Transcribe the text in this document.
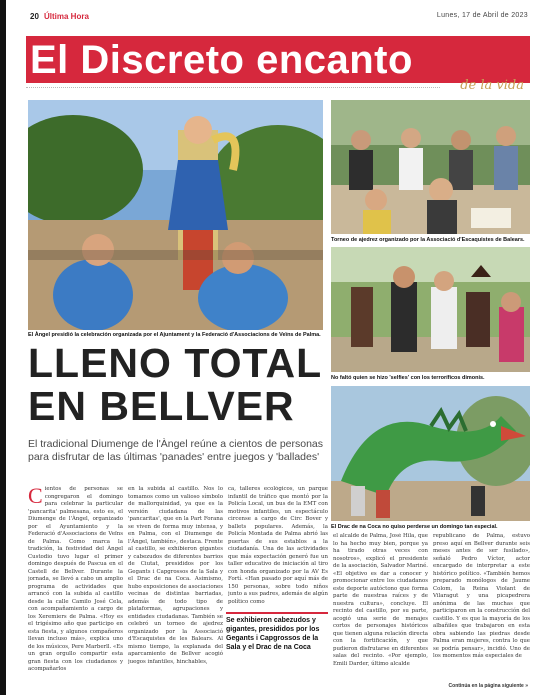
20 Última Hora	Lunes, 17 de Abril de 2023
El Discreto encanto
de la vida
El Àngel presidió la celebración organizada por el Ajuntament y la Federació d'Associacions de Veïns de Palma.
Torneo de ajedrez organizado por la Associació d'Escaquistes de Balears.
No faltó quien se hizo 'selfies' con los terroríficos dimonis.
El Drac de na Coca no quiso perderse un domingo tan especial.
LLENO TOTAL EN BELLVER

El tradicional Diumenge de l'Àngel reúne a cientos de personas para disfrutar de las últimas 'panades' entre juegos y 'ballades'

C ientos de personas se congregaron el domingo para celebrar la particular 'pancarita' palmesana, esto es, el Diumenge de l'Àngel, organizado por el Ayuntamiento y la Federació d'Associacions de Veïns de Palma. Como marca la tradición, la festividad del Àngel Custodio tuvo lugar el primer domingo después de Pascua en el Castell de Bellver. Durante la jornada, se llevó a cabo un amplio programa de actividades que arrancó con la subida al castillo desde la calle Camilo José Cela, con acompañamiento a cargo de los Xeremiers de Palma. «Hoy es el trigésimo año que participo en esta fiesta, y algunos compañeros llevan incluso más», explica uno de los músicos, Pere Marberll. «Es un gran orgullo compartir esta gran fiesta con los ciudadanos y acompañarlos
en la subida al castillo. Nos lo tomamos como un valioso símbolo de mallorquinidad, ya que es la versión ciudadana de las 'pancaritas', que en la Part Forana se viven de forma muy intensa, y en Palma, con el Diumenge de l'Àngel, también», destaca. Frente al castillo, se exhibieron gigantes y cabezudos de diferentes barrios de Ciutat, presididos por los Gegants i Capgrossos de la Sala y el Drac de na Coca. Asimismo, hubo exposiciones de asociaciones vecinas de distintas barriadas, además de todo tipo de plataformas, agrupaciones y entidades ciudadanas. También se celebró un torneo de ajedrez organizado por la Associació d'Escaquistes de les Balears. Al mismo tiempo, la explanada del aparcamiento de Bellver acogió juegos infantiles, hinchables,
ca, talleres ecológicos, un parque infantil de tráfico que montó por la Policía Local, un bus de la EMT con motivos infantiles, un espectáculo circense a cargo de Circ Bover y ballets populares. Además, la Policía Montada de Palma abrió las puertas de sus establos a la ciudadanía. Una de las actividades que más expectación generó fue un taller educativo de iniciación al tiro con honda organizado por la AV Es Fortí. «Han pasado por aquí más de 150 personas, sobre todo niños junto a sus padres, además de algún político como
el alcalde de Palma, José Hila, que lo ha hecho muy bien, porque ya ha tirado otras veces con nosotros», explicó el presidente de la asociación, Salvador Mariné. «El objetivo es dar a conocer y promocionar entre los ciudadanos este deporte autóctono que forma parte de nuestras raíces y de nuestra cultura», concluye. El recinto del castillo, por su parte, acogió una serie de menajes cortos de personajes históricos que tienen alguna relación directa con la fortificación, y que pudieron disfrutarse en diferentes salas del recinto. «Por ejemplo, Emili Darder, último alcalde
republicano de Palma, estuvo preso aquí en Bellver durante seis meses antes de ser fusilado», señaló Pedro Víctor, actor encargado de interpretar a este histórico político. «También hemos preparado monólogos de Jaume Colom, la Reina Violant de Vilaragut y una picapedrera anónima de las muchas que participaron en la construcción del castillo. Y es que la mayoría de los albañiles que trabajaron en esta obra sabiendo las piedras desde Palma eran mujeres, contra lo que se podría pensar», incidió. Uno de los momentos más especiales de
Se exhibieron cabezudos y gigantes, presididos por los Gegants i Capgrossos de la Sala y el Drac de na Coca
Continúa en la página siguiente »
